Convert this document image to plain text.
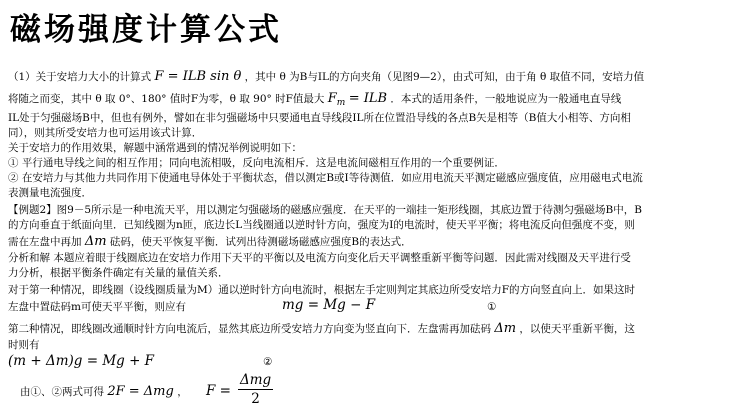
磁场强度计算公式
（1）关于安培力大小的计算式 F = ILB sin θ ，其中 θ 为B与IL的方向夹角（见图9—2），由式可知，由于角 θ 取值不同，安培力值
将随之而变，其中 θ 取 0°、180° 值时F为零，θ 取 90° 时F值最大 $F_m$ = ILB ．本式的适用条件，一般地说应为一般通电直导线
IL处于匀强磁场B中，但也有例外，譬如在非匀强磁场中只要通电直导线段IL所在位置沿导线的各点B矢是相等（B值大小相等、方向相
同），则其所受安培力也可运用该式计算．
关于安培力的作用效果，解题中涵常遇到的情况举例说明如下：
① 平行通电导线之间的相互作用；同向电流相吸，反向电流相斥．这是电流间磁相互作用的一个重要例证．
② 在安培力与其他力共同作用下使通电导体处于平衡状态，借以测定B或I等待测值．如应用电流天平测定磁感应强度值，应用磁电式电流
表测量电流强度．
【例题2】图9－5所示是一种电流天平，用以测定匀强磁场的磁感应强度．在天平的一端挂一矩形线圈，其底边置于待测匀强磁场B中，B
的方向垂直于纸面向里．已知线圈为n匝，底边长L当线圈通以逆时针方向，强度为I的电流时，使天平平衡；将电流反向但强度不变，则
需在左盘中再加 Δm 砝码，使天平恢复平衡．试列出待测磁场磁感应强度B的表达式．
分析和解 本题应着眼于线圈底边在安培力作用下天平的平衡以及电流方向变化后天平调整重新平衡等问题．因此需对线圈及天平进行受
力分析，根据平衡条件确定有关量的量值关系．
对于第一种情况，即线圈（设线圈质量为M）通以逆时针方向电流时，根据左手定则判定其底边所受安培力F的方向竖直向上．如果这时
左盘中置砝码m可使天平平衡，则应有	mg = Mg − F	①
第二种情况，即线圈改通顺时针方向电流后，显然其底边所受安培力方向变为竖直向下．左盘需再加砝码 Δm ，以使天平重新平衡，这
时则有
(m + Δm)g = Mg + F	②
由①、②两式可得 2F = Δmg ， F =
Δmg
2
